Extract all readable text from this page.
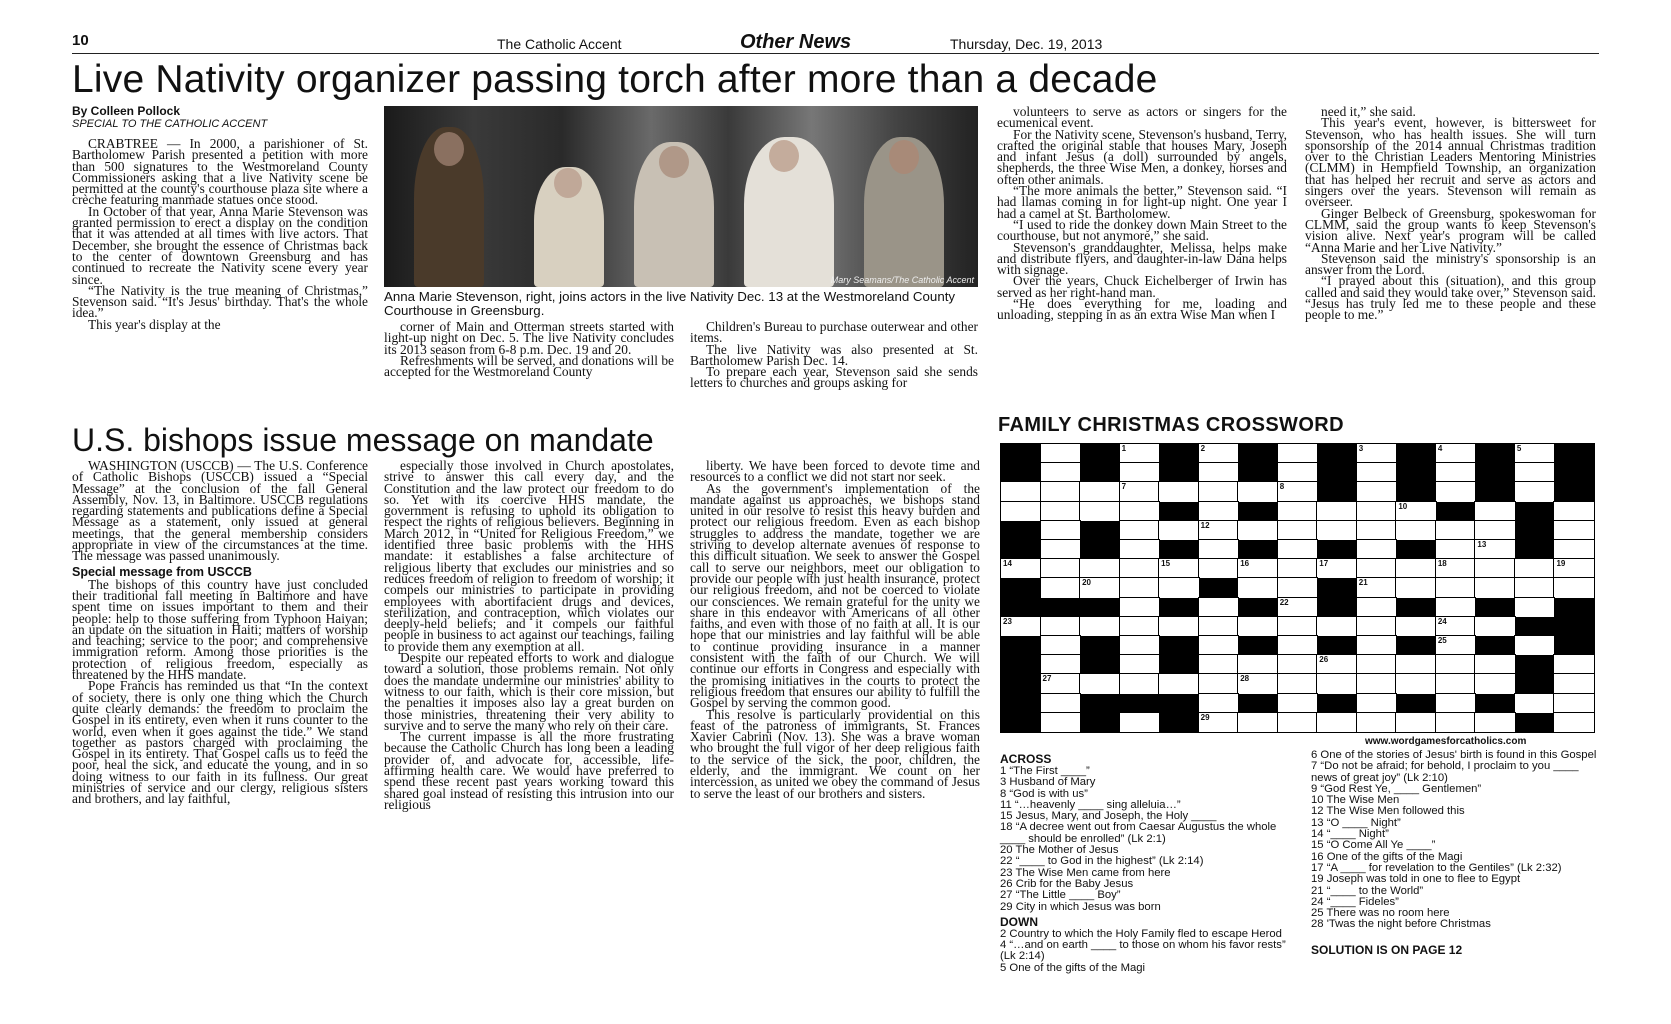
10	The Catholic Accent	Other News	Thursday, Dec. 19, 2013
Live Nativity organizer passing torch after more than a decade
By Colleen Pollock
SPECIAL TO THE CATHOLIC ACCENT

CRABTREE — In 2000, a parishioner of St. Bartholomew Parish presented a petition with more than 500 signatures to the Westmoreland County Commissioners asking that a live Nativity scene be permitted at the county's courthouse plaza site where a crèche featuring manmade statues once stood.

In October of that year, Anna Marie Stevenson was granted permission to erect a display on the condition that it was attended at all times with live actors. That December, she brought the essence of Christmas back to the center of downtown Greensburg and has continued to recreate the Nativity scene every year since.

“The Nativity is the true meaning of Christmas,” Stevenson said. “It's Jesus' birthday. That's the whole idea.”

This year's display at the

Mary Seamans/The Catholic Accent
Anna Marie Stevenson, right, joins actors in the live Nativity Dec. 13 at the Westmoreland County Courthouse in Greensburg.

corner of Main and Otterman streets started with light-up night on Dec. 5. The live Nativity concludes its 2013 season from 6-8 p.m. Dec. 19 and 20.

Refreshments will be served, and donations will be accepted for the Westmoreland County

Children's Bureau to purchase outerwear and other items.

The live Nativity was also presented at St. Bartholomew Parish Dec. 14.

To prepare each year, Stevenson said she sends letters to churches and groups asking for

volunteers to serve as actors or singers for the ecumenical event.

For the Nativity scene, Stevenson's husband, Terry, crafted the original stable that houses Mary, Joseph and infant Jesus (a doll) surrounded by angels, shepherds, the three Wise Men, a donkey, horses and often other animals.

“The more animals the better,” Stevenson said. “I had llamas coming in for light-up night. One year I had a camel at St. Bartholomew.

“I used to ride the donkey down Main Street to the courthouse, but not anymore,” she said.

Stevenson's granddaughter, Melissa, helps make and distribute flyers, and daughter-in-law Dana helps with signage.

Over the years, Chuck Eichelberger of Irwin has served as her right-hand man.

“He does everything for me, loading and unloading, stepping in as an extra Wise Man when I

need it,” she said.

This year's event, however, is bittersweet for Stevenson, who has health issues. She will turn sponsorship of the 2014 annual Christmas tradition over to the Christian Leaders Mentoring Ministries (CLMM) in Hempfield Township, an organization that has helped her recruit and serve as actors and singers over the years. Stevenson will remain as overseer.

Ginger Belbeck of Greensburg, spokeswoman for CLMM, said the group wants to keep Stevenson's vision alive. Next year's program will be called “Anna Marie and her Live Nativity.”

Stevenson said the ministry's sponsorship is an answer from the Lord.

“I prayed about this (situation), and this group called and said they would take over,” Stevenson said. “Jesus has truly led me to these people and these people to me.”

U.S. bishops issue message on mandate

WASHINGTON (USCCB) — The U.S. Conference of Catholic Bishops (USCCB) issued a “Special Message” at the conclusion of the fall General Assembly, Nov. 13, in Baltimore. USCCB regulations regarding statements and publications define a Special Message as a statement, only issued at general meetings, that the general membership considers appropriate in view of the circumstances at the time. The message was passed unanimously.

Special message from USCCB

The bishops of this country have just concluded their traditional fall meeting in Baltimore and have spent time on issues important to them and their people: help to those suffering from Typhoon Haiyan; an update on the situation in Haiti; matters of worship and teaching; service to the poor; and comprehensive immigration reform. Among those priorities is the protection of religious freedom, especially as threatened by the HHS mandate.

Pope Francis has reminded us that “In the context of society, there is only one thing which the Church quite clearly demands: the freedom to proclaim the Gospel in its entirety, even when it runs counter to the world, even when it goes against the tide.” We stand together as pastors charged with proclaiming the Gospel in its entirety. That Gospel calls us to feed the poor, heal the sick, and educate the young, and in so doing witness to our faith in its fullness. Our great ministries of service and our clergy, religious sisters and brothers, and lay faithful,

especially those involved in Church apostolates, strive to answer this call every day, and the Constitution and the law protect our freedom to do so. Yet with its coercive HHS mandate, the government is refusing to uphold its obligation to respect the rights of religious believers. Beginning in March 2012, in “United for Religious Freedom,” we identified three basic problems with the HHS mandate: it establishes a false architecture of religious liberty that excludes our ministries and so reduces freedom of religion to freedom of worship; it compels our ministries to participate in providing employees with abortifacient drugs and devices, sterilization, and contraception, which violates our deeply-held beliefs; and it compels our faithful people in business to act against our teachings, failing to provide them any exemption at all.

Despite our repeated efforts to work and dialogue toward a solution, those problems remain. Not only does the mandate undermine our ministries' ability to witness to our faith, which is their core mission, but the penalties it imposes also lay a great burden on those ministries, threatening their very ability to survive and to serve the many who rely on their care.

The current impasse is all the more frustrating because the Catholic Church has long been a leading provider of, and advocate for, accessible, life-affirming health care. We would have preferred to spend these recent past years working toward this shared goal instead of resisting this intrusion into our religious

liberty. We have been forced to devote time and resources to a conflict we did not start nor seek.

As the government's implementation of the mandate against us approaches, we bishops stand united in our resolve to resist this heavy burden and protect our religious freedom. Even as each bishop struggles to address the mandate, together we are striving to develop alternate avenues of response to this difficult situation. We seek to answer the Gospel call to serve our neighbors, meet our obligation to provide our people with just health insurance, protect our religious freedom, and not be coerced to violate our consciences. We remain grateful for the unity we share in this endeavor with Americans of all other faiths, and even with those of no faith at all. It is our hope that our ministries and lay faithful will be able to continue providing insurance in a manner consistent with the faith of our Church. We will continue our efforts in Congress and especially with the promising initiatives in the courts to protect the religious freedom that ensures our ability to fulfill the Gospel by serving the common good.

This resolve is particularly providential on this feast of the patroness of immigrants, St. Frances Xavier Cabrini (Nov. 13). She was a brave woman who brought the full vigor of her deep religious faith to the service of the sick, the poor, children, the elderly, and the immigrant. We count on her intercession, as united we obey the command of Jesus to serve the least of our brothers and sisters.

FAMILY CHRISTMAS CROSSWORD
1	2	3	4	5
7	8
10
12
13
14	15	16	17	18	19
20	21
22
23	24
25
26
27	28
29
www.wordgamesforcatholics.com
ACROSS
1 “The First ____”
3 Husband of Mary
8 “God is with us”
11 “…heavenly ____ sing alleluia…”
15 Jesus, Mary, and Joseph, the Holy ____
18 “A decree went out from Caesar Augustus the whole ____ should be enrolled” (Lk 2:1)
20 The Mother of Jesus
22 “____ to God in the highest” (Lk 2:14)
23 The Wise Men came from here
26 Crib for the Baby Jesus
27 “The Little ____ Boy”
29 City in which Jesus was born
DOWN
2 Country to which the Holy Family fled to escape Herod
4 “…and on earth ____ to those on whom his favor rests” (Lk 2:14)
5 One of the gifts of the Magi
6 One of the stories of Jesus' birth is found in this Gospel
7 “Do not be afraid; for behold, I proclaim to you ____ news of great joy” (Lk 2:10)
9 “God Rest Ye, ____ Gentlemen”
10 The Wise Men
12 The Wise Men followed this
13 “O ____ Night”
14 “____ Night”
15 “O Come All Ye ____”
16 One of the gifts of the Magi
17 “A ____ for revelation to the Gentiles” (Lk 2:32)
19 Joseph was told in one to flee to Egypt
21 “____ to the World”
24 “____ Fideles”
25 There was no room here
28 'Twas the night before Christmas
SOLUTION IS ON PAGE 12
